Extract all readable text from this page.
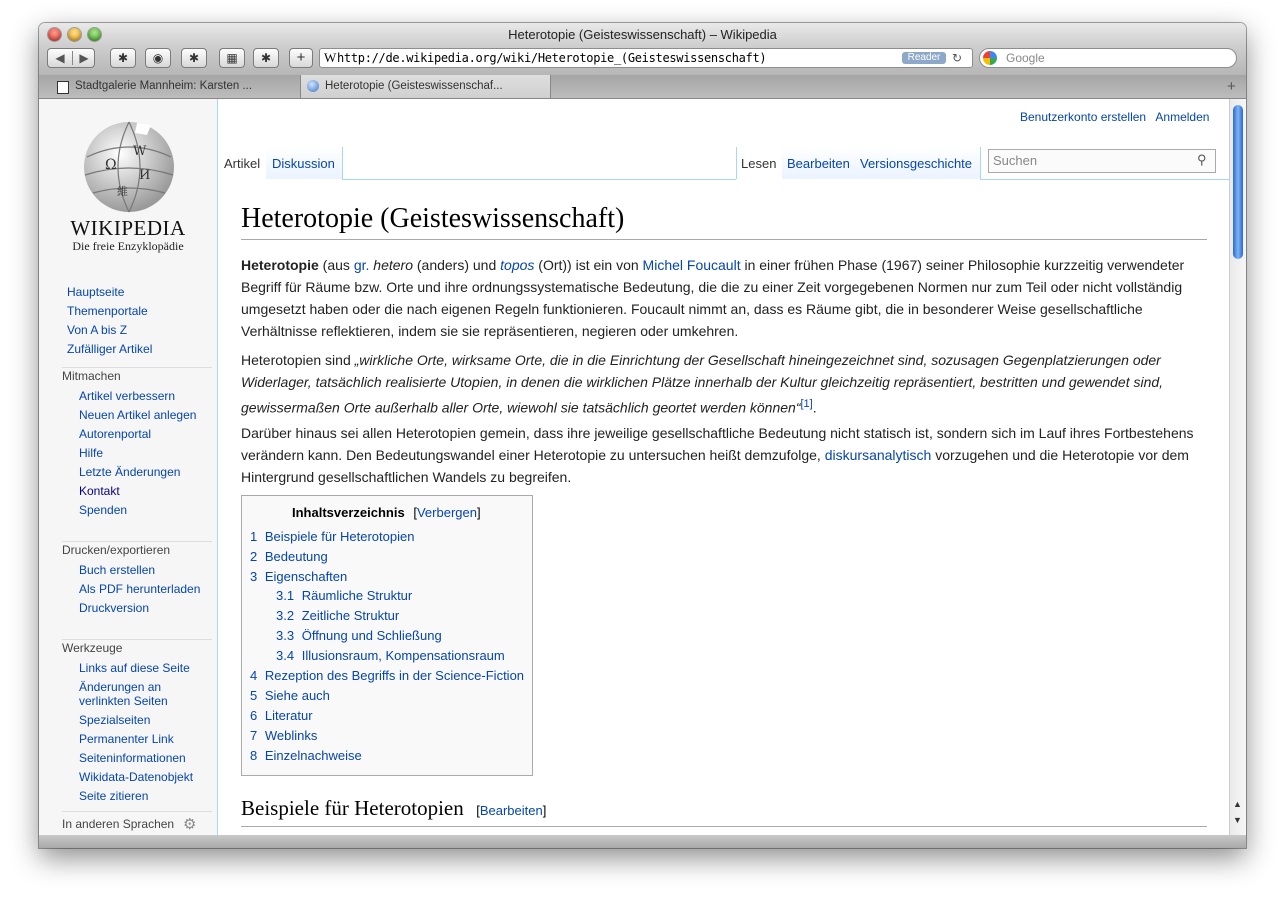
Heterotopie (Geisteswissenschaft) – Wikipedia
◀	▶	✱	◉	✱	▦	✱	+	W http://de.wikipedia.org/wiki/Heterotopie_(Geisteswissenschaft)	Reader ↻	Google
Stadtgalerie Mannheim: Karsten ...	Heterotopie (Geisteswissenschaf...	+
Ω
W
И
維
WIKIPEDIA
Die freie Enzyklopädie
Hauptseite
Themenportale
Von A bis Z
Zufälliger Artikel
Mitmachen
Artikel verbessern
Neuen Artikel anlegen
Autorenportal
Hilfe
Letzte Änderungen
Kontakt
Spenden
Drucken/exportieren
Buch erstellen
Als PDF herunterladen
Druckversion
Werkzeuge
Links auf diese Seite
Änderungen an verlinkten Seiten
Spezialseiten
Permanenter Link
Seiteninformationen
Wikidata-Datenobjekt
Seite zitieren
In anderen Sprachen ⚙
Benutzerkonto erstellen Anmelden
Artikel Diskussion	Lesen Bearbeiten Versionsgeschichte Suchen	⚲
Heterotopie (Geisteswissenschaft)
Heterotopie (aus gr. hetero (anders) und topos (Ort)) ist ein von Michel Foucault in einer frühen Phase (1967) seiner Philosophie kurzzeitig verwendeter Begriff für Räume bzw. Orte und ihre ordnungssystematische Bedeutung, die die zu einer Zeit vorgegebenen Normen nur zum Teil oder nicht vollständig umgesetzt haben oder die nach eigenen Regeln funktionieren. Foucault nimmt an, dass es Räume gibt, die in besonderer Weise gesellschaftliche Verhältnisse reflektieren, indem sie sie repräsentieren, negieren oder umkehren.
Heterotopien sind „wirkliche Orte, wirksame Orte, die in die Einrichtung der Gesellschaft hineingezeichnet sind, sozusagen Gegenplatzierungen oder Widerlager, tatsächlich realisierte Utopien, in denen die wirklichen Plätze innerhalb der Kultur gleichzeitig repräsentiert, bestritten und gewendet sind, gewissermaßen Orte außerhalb aller Orte, wiewohl sie tatsächlich geortet werden können“[1].
Darüber hinaus sei allen Heterotopien gemein, dass ihre jeweilige gesellschaftliche Bedeutung nicht statisch ist, sondern sich im Lauf ihres Fortbestehens verändern kann. Den Bedeutungswandel einer Heterotopie zu untersuchen heißt demzufolge, diskursanalytisch vorzugehen und die Heterotopie vor dem Hintergrund gesellschaftlichen Wandels zu begreifen.
Inhaltsverzeichnis [Verbergen]
1 Beispiele für Heterotopien
2 Bedeutung
3 Eigenschaften
3.1 Räumliche Struktur
3.2 Zeitliche Struktur
3.3 Öffnung und Schließung
3.4 Illusionsraum, Kompensationsraum
4 Rezeption des Begriffs in der Science-Fiction
5 Siehe auch
6 Literatur
7 Weblinks
8 Einzelnachweise
Beispiele für Heterotopien [Bearbeiten]	▲
▼
